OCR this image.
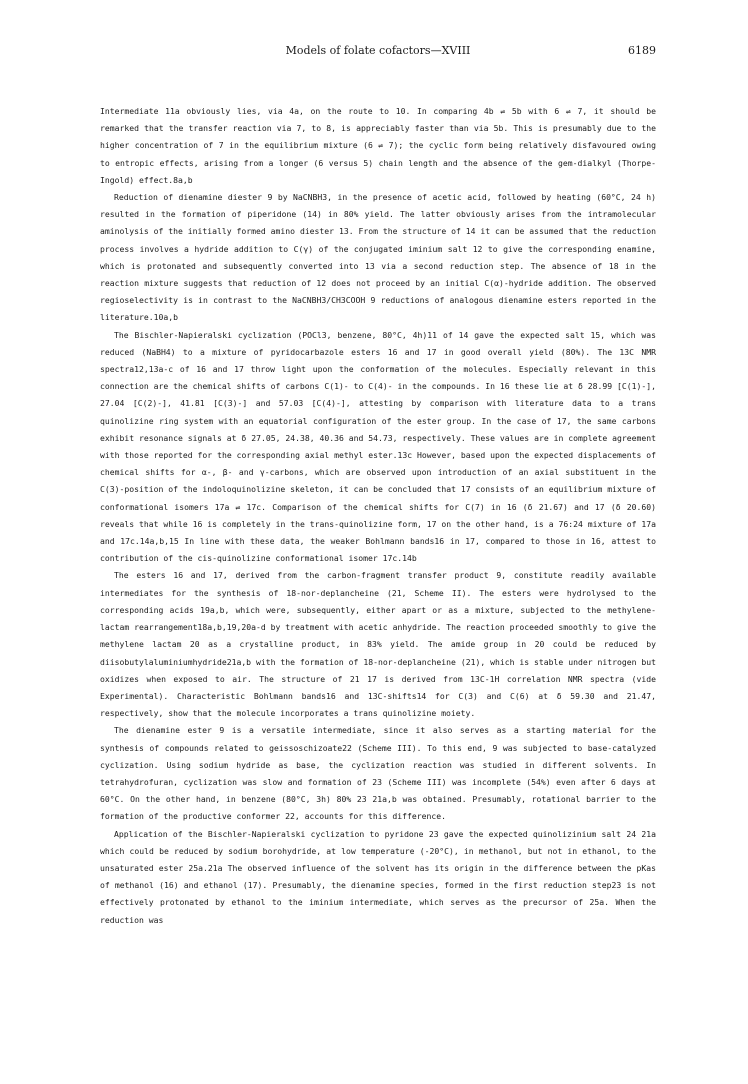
Models of folate cofactors—XVIII	6189

Intermediate 11a obviously lies, via 4a, on the route to 10. In comparing 4b ⇌ 5b with 6 ⇌ 7, it should be remarked that the transfer reaction via 7, to 8, is appreciably faster than via 5b. This is presumably due to the higher concentration of 7 in the equilibrium mixture (6 ⇌ 7); the cyclic form being relatively disfavoured owing to entropic effects, arising from a longer (6 versus 5) chain length and the absence of the gem-dialkyl (Thorpe-Ingold) effect.8a,b

Reduction of dienamine diester 9 by NaCNBH3, in the presence of acetic acid, followed by heating (60°C, 24 h) resulted in the formation of piperidone (14) in 80% yield. The latter obviously arises from the intramolecular aminolysis of the initially formed amino diester 13. From the structure of 14 it can be assumed that the reduction process involves a hydride addition to C(γ) of the conjugated iminium salt 12 to give the corresponding enamine, which is protonated and subsequently converted into 13 via a second reduction step. The absence of 18 in the reaction mixture suggests that reduction of 12 does not proceed by an initial C(α)-hydride addition. The observed regioselectivity is in contrast to the NaCNBH3/CH3COOH 9 reductions of analogous dienamine esters reported in the literature.10a,b

The Bischler-Napieralski cyclization (POCl3, benzene, 80°C, 4h)11 of 14 gave the expected salt 15, which was reduced (NaBH4) to a mixture of pyridocarbazole esters 16 and 17 in good overall yield (80%). The 13C NMR spectra12,13a-c of 16 and 17 throw light upon the conformation of the molecules. Especially relevant in this connection are the chemical shifts of carbons C(1)- to C(4)- in the compounds. In 16 these lie at δ 28.99 [C(1)-], 27.04 [C(2)-], 41.81 [C(3)-] and 57.03 [C(4)-], attesting by comparison with literature data to a trans quinolizine ring system with an equatorial configuration of the ester group. In the case of 17, the same carbons exhibit resonance signals at δ 27.05, 24.38, 40.36 and 54.73, respectively. These values are in complete agreement with those reported for the corresponding axial methyl ester.13c However, based upon the expected displacements of chemical shifts for α-, β- and γ-carbons, which are observed upon introduction of an axial substituent in the C(3)-position of the indoloquinolizine skeleton, it can be concluded that 17 consists of an equilibrium mixture of conformational isomers 17a ⇌ 17c. Comparison of the chemical shifts for C(7) in 16 (δ 21.67) and 17 (δ 20.60) reveals that while 16 is completely in the trans-quinolizine form, 17 on the other hand, is a 76:24 mixture of 17a and 17c.14a,b,15 In line with these data, the weaker Bohlmann bands16 in 17, compared to those in 16, attest to contribution of the cis-quinolizine conformational isomer 17c.14b

The esters 16 and 17, derived from the carbon-fragment transfer product 9, constitute readily available intermediates for the synthesis of 18-nor-deplancheine (21, Scheme II). The esters were hydrolysed to the corresponding acids 19a,b, which were, subsequently, either apart or as a mixture, subjected to the methylene-lactam rearrangement18a,b,19,20a-d by treatment with acetic anhydride. The reaction proceeded smoothly to give the methylene lactam 20 as a crystalline product, in 83% yield. The amide group in 20 could be reduced by diisobutylaluminiumhydride21a,b with the formation of 18-nor-deplancheine (21), which is stable under nitrogen but oxidizes when exposed to air. The structure of 21 17 is derived from 13C-1H correlation NMR spectra (vide Experimental). Characteristic Bohlmann bands16 and 13C-shifts14 for C(3) and C(6) at δ 59.30 and 21.47, respectively, show that the molecule incorporates a trans quinolizine moiety.

The dienamine ester 9 is a versatile intermediate, since it also serves as a starting material for the synthesis of compounds related to geissoschizoate22 (Scheme III). To this end, 9 was subjected to base-catalyzed cyclization. Using sodium hydride as base, the cyclization reaction was studied in different solvents. In tetrahydrofuran, cyclization was slow and formation of 23 (Scheme III) was incomplete (54%) even after 6 days at 60°C. On the other hand, in benzene (80°C, 3h) 80% 23 21a,b was obtained. Presumably, rotational barrier to the formation of the productive conformer 22, accounts for this difference.

Application of the Bischler-Napieralski cyclization to pyridone 23 gave the expected quinolizinium salt 24 21a which could be reduced by sodium borohydride, at low temperature (-20°C), in methanol, but not in ethanol, to the unsaturated ester 25a.21a The observed influence of the solvent has its origin in the difference between the pKas of methanol (16) and ethanol (17). Presumably, the dienamine species, formed in the first reduction step23 is not effectively protonated by ethanol to the iminium intermediate, which serves as the precursor of 25a. When the reduction was
